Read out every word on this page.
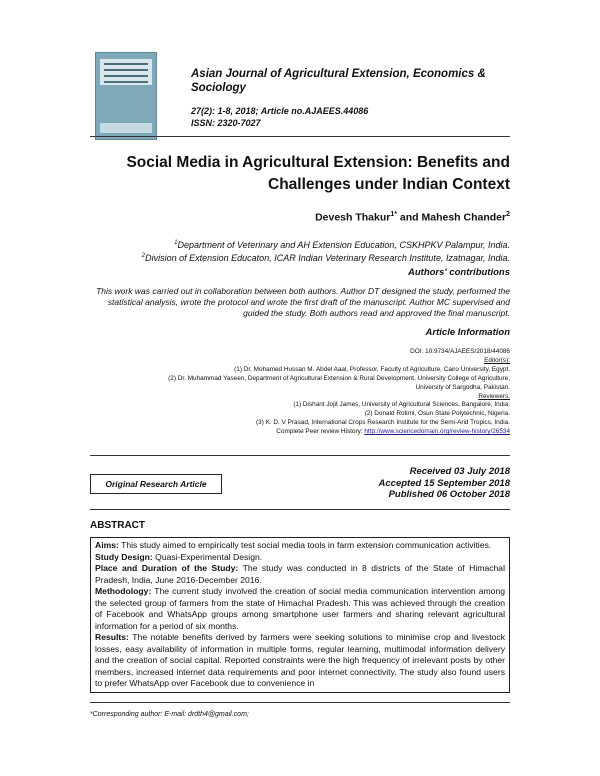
Asian Journal of Agricultural Extension, Economics & Sociology
27(2): 1-8, 2018; Article no.AJAEES.44086
ISSN: 2320-7027
Social Media in Agricultural Extension: Benefits and
Challenges under Indian Context
Devesh Thakur$^{1*}$ and Mahesh Chander$^2$
$^1$Department of Veterinary and AH Extension Education, CSKHPKV Palampur, India.
$^2$Division of Extension Educaton, ICAR Indian Veterinary Research Institute, Izatnagar, India.
Authors' contributions
This work was carried out in collaboration between both authors. Author DT designed the study, performed the statistical analysis, wrote the protocol and wrote the first draft of the manuscript. Author MC supervised and guided the study. Both authors read and approved the final manuscript.
Article Information
DOI: 10.9734/AJAEES/2018/44086
Editor(s):
(1) Dr. Mohamed Hussan M. Abdel Aaal, Professor, Faculty of Agriculture, Cairo University, Egypt.
(2) Dr. Muhammad Yaseen, Department of Agricultural Extension & Rural Development, University College of Agriculture,
University of Sargodha, Pakistan.
Reviewers:
(1) Dishant Jojit James, University of Agricultural Sciences, Bangalore, India.
(2) Donald Rotimi, Osun State Polytechnic, Nigeria.
(3) K. D. V Prasad, International Crops Research Institute for the Semi-Arid Tropics, India.
Complete Peer review History: http://www.sciencedomain.org/review-history/26534
Received 03 July 2018
Accepted 15 September 2018
Published 06 October 2018
Original Research Article
ABSTRACT

Aims: This study aimed to empirically test social media tools in farm extension communication activities.

Study Design: Quasi-Experimental Design.

Place and Duration of the Study: The study was conducted in 8 districts of the State of Himachal Pradesh, India, June 2016-December 2016.

Methodology: The current study involved the creation of social media communication intervention among the selected group of farmers from the state of Himachal Pradesh. This was achieved through the creation of Facebook and WhatsApp groups among smartphone user farmers and sharing relevant agricultural information for a period of six months.

Results: The notable benefits derived by farmers were seeking solutions to minimise crop and livestock losses, easy availability of information in multiple forms, regular learning, multimodal information delivery and the creation of social capital. Reported constraints were the high frequency of irrelevant posts by other members, increased internet data requirements and poor internet connectivity. The study also found users to prefer WhatsApp over Facebook due to convenience in

*Corresponding author: E-mail: drdth4@gmail.com;
